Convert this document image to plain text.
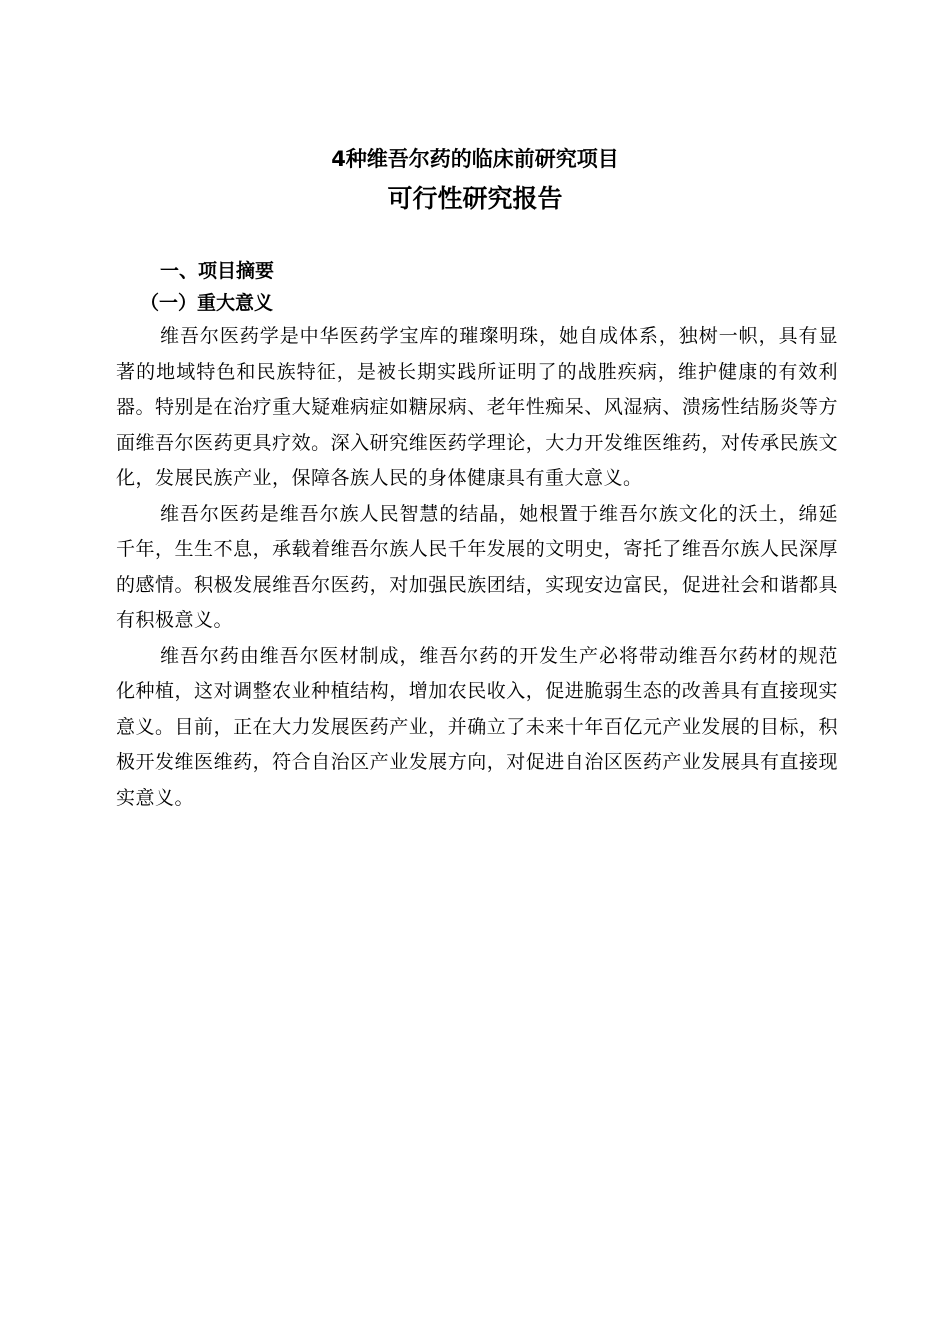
4种维吾尔药的临床前研究项目
可行性研究报告
一、项目摘要
（一）重大意义

维吾尔医药学是中华医药学宝库的璀璨明珠，她自成体系，独树一帜，具有显著的地域特色和民族特征，是被长期实践所证明了的战胜疾病，维护健康的有效利器。特别是在治疗重大疑难病症如糖尿病、老年性痴呆、风湿病、溃疡性结肠炎等方面维吾尔医药更具疗效。深入研究维医药学理论，大力开发维医维药，对传承民族文化，发展民族产业，保障各族人民的身体健康具有重大意义。

维吾尔医药是维吾尔族人民智慧的结晶，她根置于维吾尔族文化的沃土，绵延千年，生生不息，承载着维吾尔族人民千年发展的文明史，寄托了维吾尔族人民深厚的感情。积极发展维吾尔医药，对加强民族团结，实现安边富民，促进社会和谐都具有积极意义。

维吾尔药由维吾尔医材制成，维吾尔药的开发生产必将带动维吾尔药材的规范化种植，这对调整农业种植结构，增加农民收入，促进脆弱生态的改善具有直接现实意义。目前，正在大力发展医药产业，并确立了未来十年百亿元产业发展的目标，积极开发维医维药，符合自治区产业发展方向，对促进自治区医药产业发展具有直接现实意义。
